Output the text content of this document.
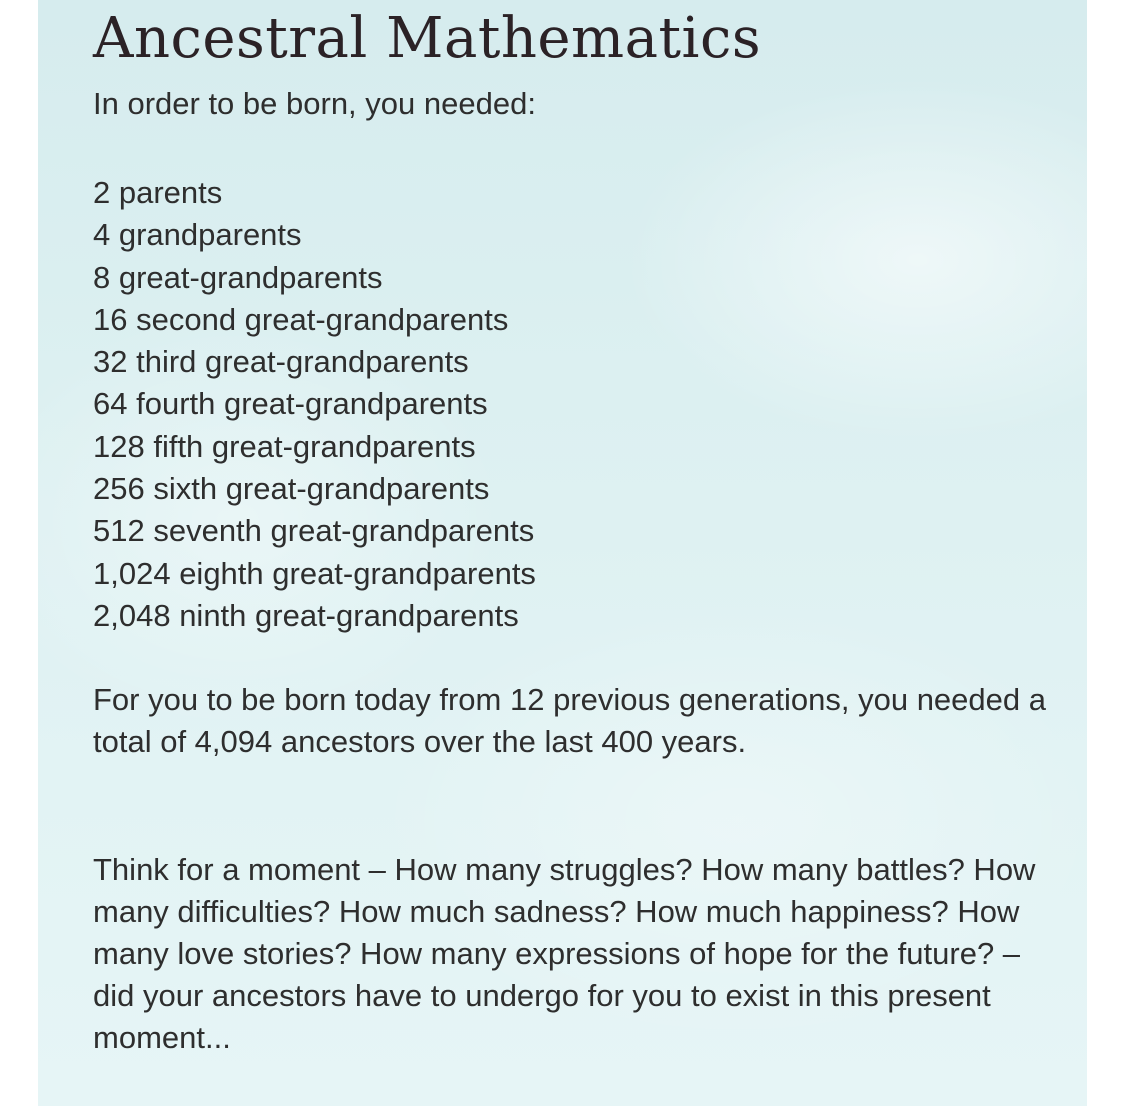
Ancestral Mathematics

In order to be born, you needed:

2 parents
4 grandparents
8 great-grandparents
16 second great-grandparents
32 third great-grandparents
64 fourth great-grandparents
128 fifth great-grandparents
256 sixth great-grandparents
512 seventh great-grandparents
1,024 eighth great-grandparents
2,048 ninth great-grandparents

For you to be born today from 12 previous generations, you needed a total of 4,094 ancestors over the last 400 years.

Think for a moment – How many struggles? How many battles? How many difficulties? How much sadness? How much happiness? How many love stories? How many expressions of hope for the future? – did your ancestors have to undergo for you to exist in this present moment...
